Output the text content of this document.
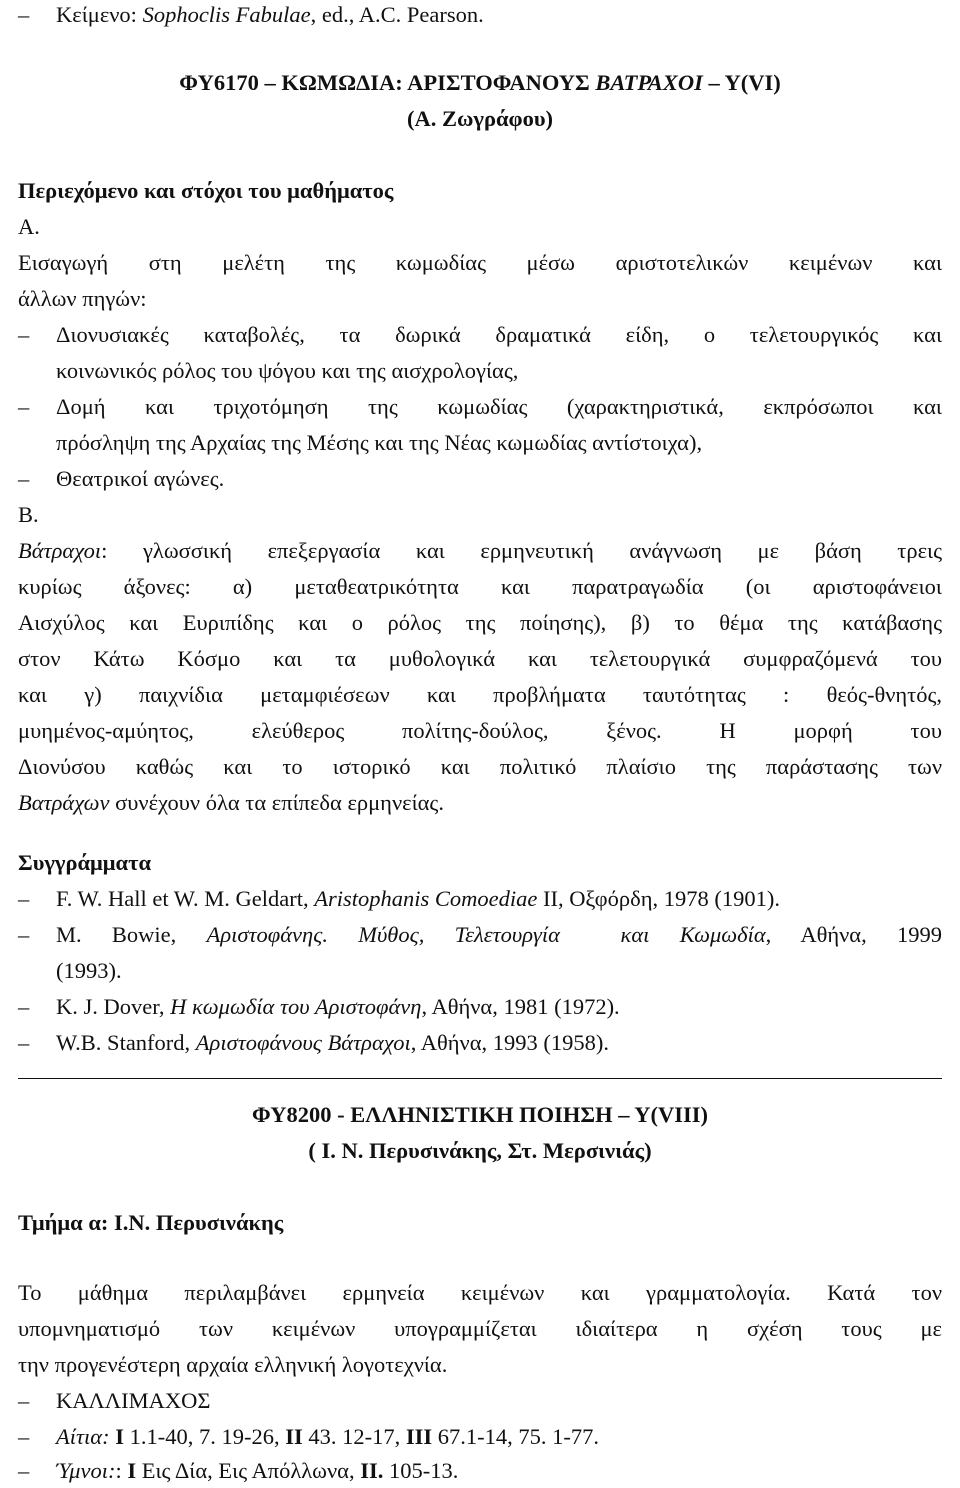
–	Κείμενο: Sophoclis Fabulae, ed., A.C. Pearson.
ΦΥ6170 – ΚΩΜΩΔΙΑ: ΑΡΙΣΤΟΦΑΝΟΥΣ ΒΑΤΡΑΧΟΙ – Υ(VI)
(Α. Ζωγράφου)
Περιεχόμενο και στόχοι του μαθήματος
Α.
Εισαγωγή στη μελέτη της κωμωδίας μέσω αριστοτελικών κειμένων και
άλλων πηγών:
–	Διονυσιακές καταβολές, τα δωρικά δραματικά είδη, ο τελετουργικός και
κοινωνικός ρόλος του ψόγου και της αισχρολογίας,
–	Δομή και τριχοτόμηση της κωμωδίας (χαρακτηριστικά, εκπρόσωποι και
πρόσληψη της Αρχαίας της Μέσης και της Νέας κωμωδίας αντίστοιχα),
–	Θεατρικοί αγώνες.
Β.
Βάτραχοι: γλωσσική επεξεργασία και ερμηνευτική ανάγνωση με βάση τρεις
κυρίως άξονες: α) μεταθεατρικότητα και παρατραγωδία (οι αριστοφάνειοι
Αισχύλος και Ευριπίδης και ο ρόλος της ποίησης), β) το θέμα της κατάβασης
στον Κάτω Κόσμο και τα μυθολογικά και τελετουργικά συμφραζόμενά του
και γ) παιχνίδια μεταμφιέσεων και προβλήματα ταυτότητας : θεός-θνητός,
μυημένος-αμύητος, ελεύθερος πολίτης-δούλος, ξένος. Η μορφή του
Διονύσου καθώς και το ιστορικό και πολιτικό πλαίσιο της παράστασης των
Βατράχων συνέχουν όλα τα επίπεδα ερμηνείας.
Συγγράμματα
–	F. W. Hall et W. M. Geldart, Aristophanis Comoediae II, Οξφόρδη, 1978 (1901).
–	Μ. Bowie, Αριστοφάνης. Μύθος, Τελετουργία  και Κωμωδία, Αθήνα, 1999
(1993).
–	Κ. J. Dover, Η κωμωδία του Αριστοφάνη, Αθήνα, 1981 (1972).
–	W.B. Stanford, Αριστοφάνους Βάτραχοι, Αθήνα, 1993 (1958).
ΦΥ8200 - ΕΛΛΗΝΙΣΤΙΚΗ ΠΟΙΗΣΗ – Υ(VIII)
( Ι. Ν. Περυσινάκης, Στ. Μερσινιάς)
Τμήμα α: Ι.Ν. Περυσινάκης
Το μάθημα περιλαμβάνει ερμηνεία κειμένων και γραμματολογία. Κατά τον
υπομνηματισμό των κειμένων υπογραμμίζεται ιδιαίτερα η σχέση τους με
την προγενέστερη αρχαία ελληνική λογοτεχνία.
–	ΚΑΛΛΙΜΑΧΟΣ
–	Αίτια: Ι 1.1-40, 7. 19-26, ΙΙ 43. 12-17, ΙΙΙ 67.1-14, 75. 1-77.
–	Ύμνοι:: Ι Εις Δία, Εις Απόλλωνα, ΙΙ. 105-13.
